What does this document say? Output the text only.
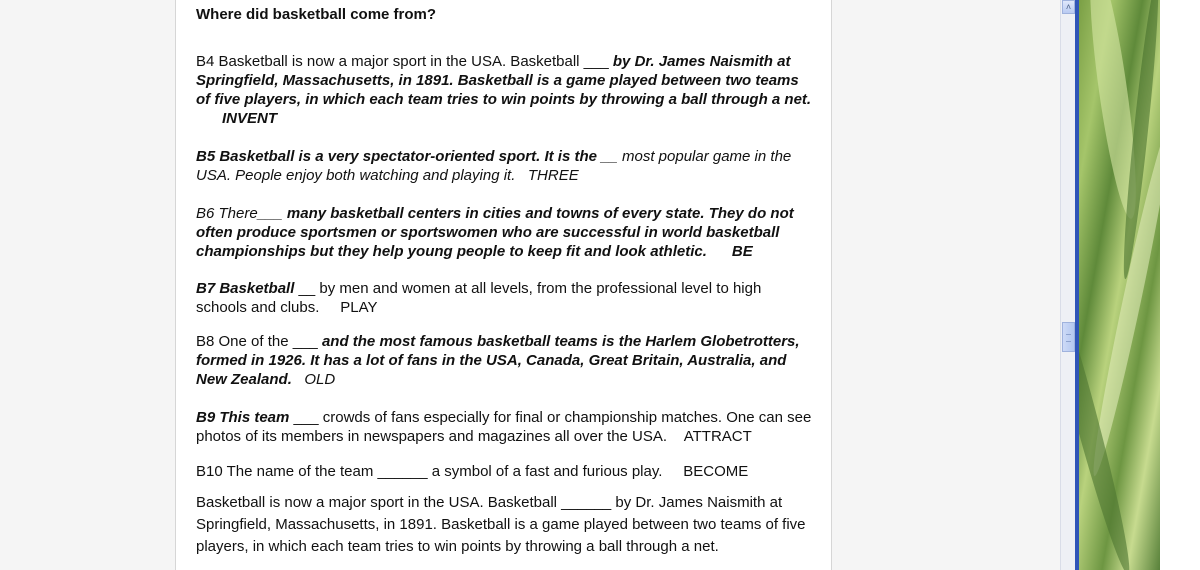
Where did basketball come from?

B4 Basketball is now a major sport in the USA. Basketball ___ by Dr. James Naismith at Springfield, Massachusetts, in 1891. Basketball is a game played between two teams of five players, in which each team tries to win points by throwing a ball through a net.
INVENT

B5 Basketball is a very spectator-oriented sport. It is the __ most popular game in the USA. People enjoy both watching and playing it. THREE

B6 There___ many basketball centers in cities and towns of every state. They do not often produce sportsmen or sportswomen who are successful in world basketball championships but they help young people to keep fit and look athletic. BE

B7 Basketball __ by men and women at all levels, from the professional level to high schools and clubs. PLAY

B8 One of the ___ and the most famous basketball teams is the Harlem Globetrotters, formed in 1926. It has a lot of fans in the USA, Canada, Great Britain, Australia, and New Zealand. OLD

B9 This team ___ crowds of fans especially for final or championship matches. One can see photos of its members in newspapers and magazines all over the USA. ATTRACT

B10 The name of the team ______ a symbol of a fast and furious play. BECOME

Basketball is now a major sport in the USA. Basketball ______ by Dr. James Naismith at Springfield, Massachusetts, in 1891. Basketball is a game played between two teams of five players, in which each team tries to win points by throwing a ball through a net.

˄
